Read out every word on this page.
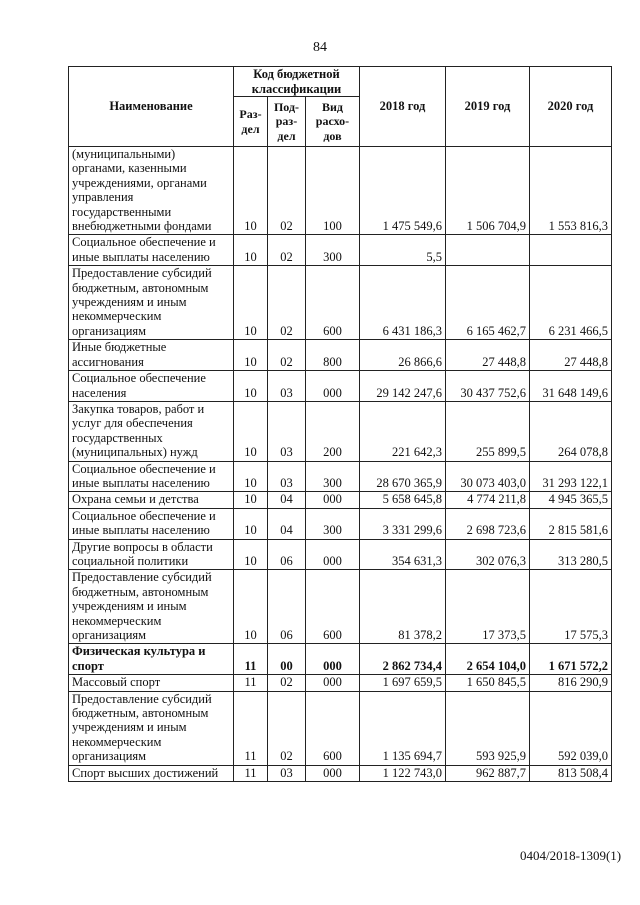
84
Наименование	Код бюджетной классификации			2018 год	2019 год	2020 год
	Раз-дел	Под-раз-дел	Вид расхо-дов			
(муниципальными) органами, казенными учреждениями, органами управления государственными внебюджетными фондами	10	02	100	1 475 549,6	1 506 704,9	1 553 816,3
Социальное обеспечение и иные выплаты населению	10	02	300	5,5		
Предоставление субсидий бюджетным, автономным учреждениям и иным некоммерческим организациям	10	02	600	6 431 186,3	6 165 462,7	6 231 466,5
Иные бюджетные ассигнования	10	02	800	26 866,6	27 448,8	27 448,8
Социальное обеспечение населения	10	03	000	29 142 247,6	30 437 752,6	31 648 149,6
Закупка товаров, работ и услуг для обеспечения государственных (муниципальных) нужд	10	03	200	221 642,3	255 899,5	264 078,8
Социальное обеспечение и иные выплаты населению	10	03	300	28 670 365,9	30 073 403,0	31 293 122,1
Охрана семьи и детства	10	04	000	5 658 645,8	4 774 211,8	4 945 365,5
Социальное обеспечение и иные выплаты населению	10	04	300	3 331 299,6	2 698 723,6	2 815 581,6
Другие вопросы в области социальной политики	10	06	000	354 631,3	302 076,3	313 280,5
Предоставление субсидий бюджетным, автономным учреждениям и иным некоммерческим организациям	10	06	600	81 378,2	17 373,5	17 575,3
Физическая культура и спорт	11	00	000	2 862 734,4	2 654 104,0	1 671 572,2
Массовый спорт	11	02	000	1 697 659,5	1 650 845,5	816 290,9
Предоставление субсидий бюджетным, автономным учреждениям и иным некоммерческим организациям	11	02	600	1 135 694,7	593 925,9	592 039,0
Спорт высших достижений	11	03	000	1 122 743,0	962 887,7	813 508,4
0404/2018-1309(1)
